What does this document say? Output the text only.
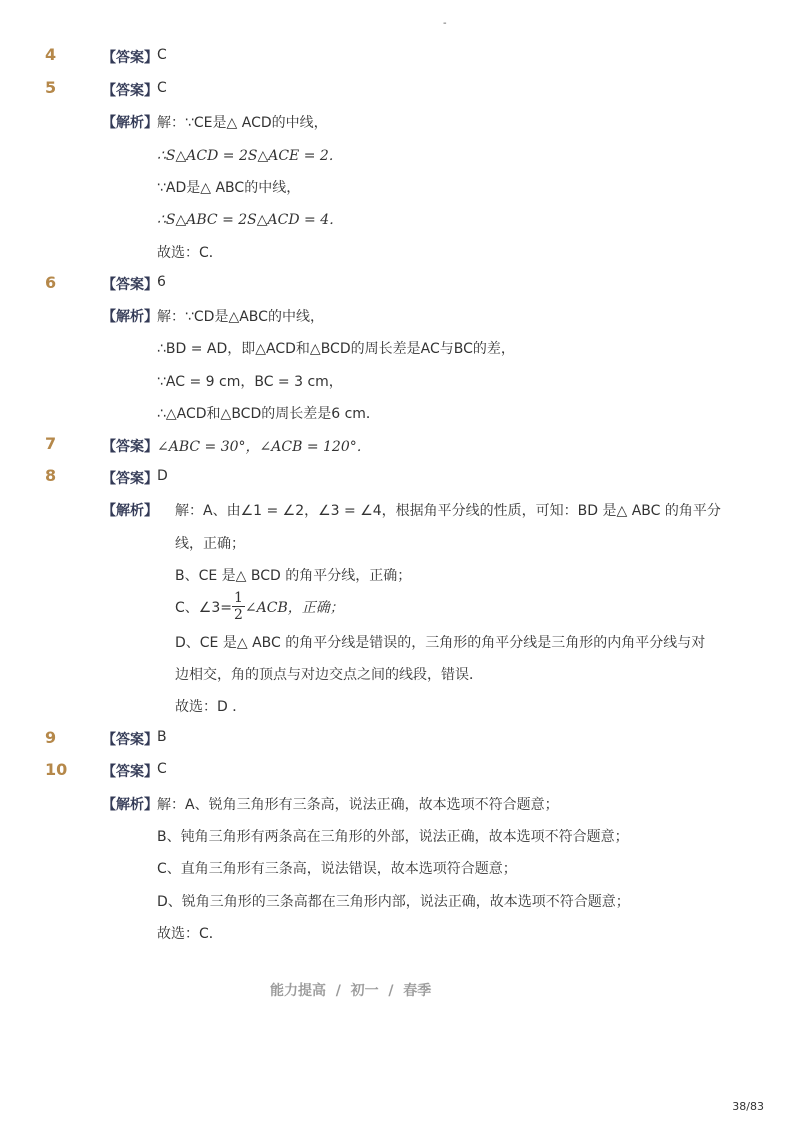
-
4	【答案】 C
5	【答案】 C
【解析】 解：∵CE是△ ACD的中线，
∴S△ACD = 2S△ACE = 2．
∵AD是△ ABC的中线，
∴S△ABC = 2S△ACD = 4．
故选：C．
6	【答案】 6
【解析】 解：∵CD是△ABC的中线，
∴BD = AD，即△ACD和△BCD的周长差是AC与BC的差，
∵AC = 9 cm，BC = 3 cm，
∴△ACD和△BCD的周长差是6 cm．
7	【答案】 ∠ABC = 30°，∠ACB = 120°．
8	【答案】 D
【解析】 解：A、由∠1 = ∠2，∠3 = ∠4，根据角平分线的性质，可知：BD 是△ ABC 的角平分
线，正确；
B、CE 是△ BCD 的角平分线，正确；
C、∠3= $\frac{1}{2}$ ∠ACB，正确；
D、CE 是△ ABC 的角平分线是错误的，三角形的角平分线是三角形的内角平分线与对
边相交，角的顶点与对边交点之间的线段，错误．
故选：D ．
9	【答案】 B
10 【答案】 C
【解析】 解：A、锐角三角形有三条高，说法正确，故本选项不符合题意；
B、钝角三角形有两条高在三角形的外部，说法正确，故本选项不符合题意；
C、直角三角形有三条高，说法错误，故本选项符合题意；
D、锐角三角形的三条高都在三角形内部，说法正确，故本选项不符合题意；
故选：C．
能力提高  /  初一  /  春季
38/83
